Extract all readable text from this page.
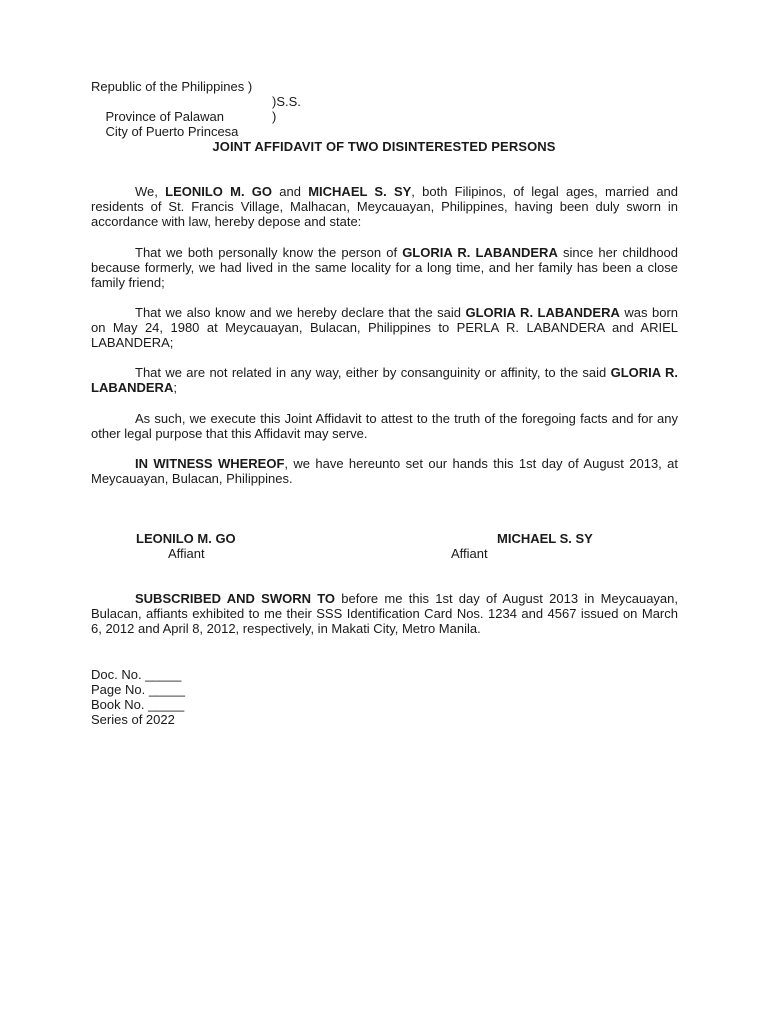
Republic of the Philippines )

Province of Palawan

)S.S.

City of Puerto Princesa

)

JOINT AFFIDAVIT OF TWO DISINTERESTED PERSONS
We, LEONILO M. GO and MICHAEL S. SY, both Filipinos, of legal ages, married and residents of St. Francis Village, Malhacan, Meycauayan, Philippines, having been duly sworn in accordance with law, hereby depose and state:
That we both personally know the person of GLORIA R. LABANDERA since her childhood because formerly, we had lived in the same locality for a long time, and her family has been a close family friend;
That we also know and we hereby declare that the said GLORIA R. LABANDERA was born on May 24, 1980 at Meycauayan, Bulacan, Philippines to PERLA R. LABANDERA and ARIEL LABANDERA;
That we are not related in any way, either by consanguinity or affinity, to the said GLORIA R. LABANDERA;
As such, we execute this Joint Affidavit to attest to the truth of the foregoing facts and for any other legal purpose that this Affidavit may serve.
IN WITNESS WHEREOF, we have hereunto set our hands this 1st day of August 2013, at Meycauayan, Bulacan, Philippines.
LEONILO M. GO
Affiant
MICHAEL S. SY
Affiant
SUBSCRIBED AND SWORN TO before me this 1st day of August 2013 in Meycauayan, Bulacan, affiants exhibited to me their SSS Identification Card Nos. 1234 and 4567 issued on March 6, 2012 and April 8, 2012, respectively, in Makati City, Metro Manila.
Doc. No. _____
Page No. _____
Book No. _____
Series of 2022
